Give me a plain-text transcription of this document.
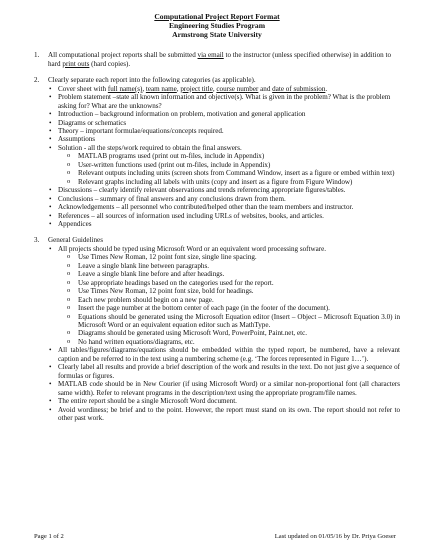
Computational Project Report Format
Engineering Studies Program
Armstrong State University
1.	All computational project reports shall be submitted via email to the instructor (unless specified otherwise) in addition to hard print outs (hard copies).
2.	Clearly separate each report into the following categories (as applicable).
• Cover sheet with full name(s), team name, project title, course number and date of submission.
• Problem statement –state all known information and objective(s). What is given in the problem? What is the problem asking for? What are the unknowns?
• Introduction – background information on problem, motivation and general application
• Diagrams or schematics
• Theory – important formulae/equations/concepts required.
• Assumptions
• Solution - all the steps/work required to obtain the final answers.
o MATLAB programs used (print out m-files, include in Appendix)
o User-written functions used (print out m-files, include in Appendix)
o Relevant outputs including units (screen shots from Command Window, insert as a figure or embed within text)
o Relevant graphs including all labels with units (copy and insert as a figure from Figure Window)
• Discussions – clearly identify relevant observations and trends referencing appropriate figures/tables.
• Conclusions – summary of final answers and any conclusions drawn from them.
• Acknowledgements – all personnel who contributed/helped other than the team members and instructor.
• References – all sources of information used including URLs of websites, books, and articles.
• Appendices
3.	General Guidelines
• All projects should be typed using Microsoft Word or an equivalent word processing software.
o Use Times New Roman, 12 point font size, single line spacing.
o Leave a single blank line between paragraphs.
o Leave a single blank line before and after headings.
o Use appropriate headings based on the categories used for the report.
o Use Times New Roman, 12 point font size, bold for headings.
o Each new problem should begin on a new page.
o Insert the page number at the bottom center of each page (in the footer of the document).
o Equations should be generated using the Microsoft Equation editor (Insert – Object – Microsoft Equation 3.0) in Microsoft Word or an equivalent equation editor such as MathType.
o Diagrams should be generated using Microsoft Word, PowerPoint, Paint.net, etc.
o No hand written equations/diagrams, etc.
• All tables/figures/diagrams/equations should be embedded within the typed report, be numbered, have a relevant caption and be referred to in the text using a numbering scheme (e.g. ‘The forces represented in Figure 1…’).
• Clearly label all results and provide a brief description of the work and results in the text. Do not just give a sequence of formulas or figures.
• MATLAB code should be in New Courier (if using Microsoft Word) or a similar non-proportional font (all characters same width). Refer to relevant programs in the description/text using the appropriate program/file names.
• The entire report should be a single Microsoft Word document.
• Avoid wordiness; be brief and to the point. However, the report must stand on its own. The report should not refer to other past work.
Page 1 of 2	Last updated on 01/05/16 by Dr. Priya Goeser
